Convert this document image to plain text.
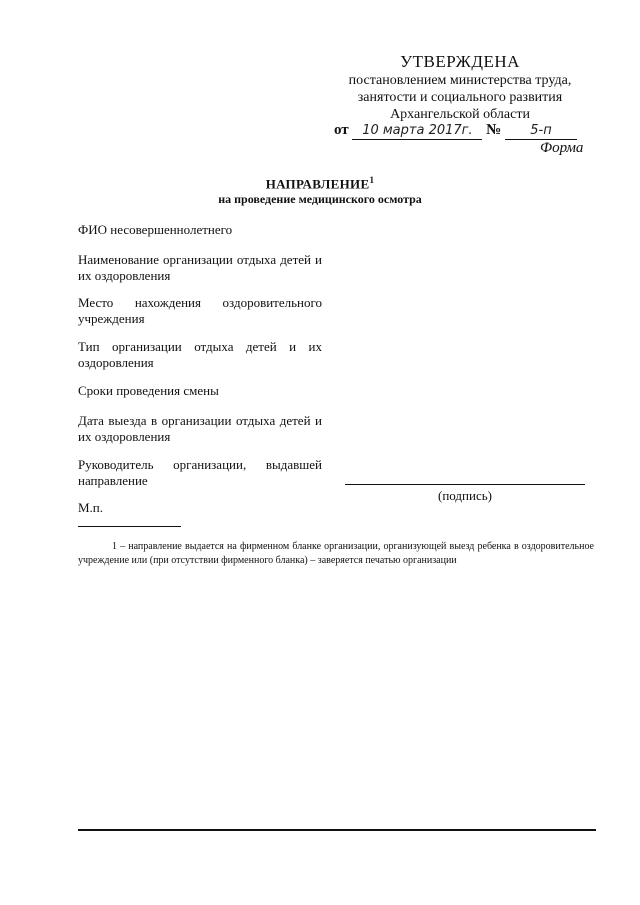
УТВЕРЖДЕНА
постановлением министерства труда,
занятости и социального развития
Архангельской области
от 10 марта 2017г. № 5-п
Форма
НАПРАВЛЕНИЕ$^1$
на проведение медицинского осмотра
ФИО несовершеннолетнего
Наименование организации отдыха детей и их оздоровления
Место нахождения оздоровительного учреждения
Тип организации отдыха детей и их оздоровления
Сроки проведения смены
Дата выезда в организации отдыха детей и их оздоровления
Руководитель организации, выдавшей направление
(подпись)
М.п.
1 – направление выдается на фирменном бланке организации, организующей выезд ребенка в оздоровительное учреждение или (при отсутствии фирменного бланка) – заверяется печатью организации
